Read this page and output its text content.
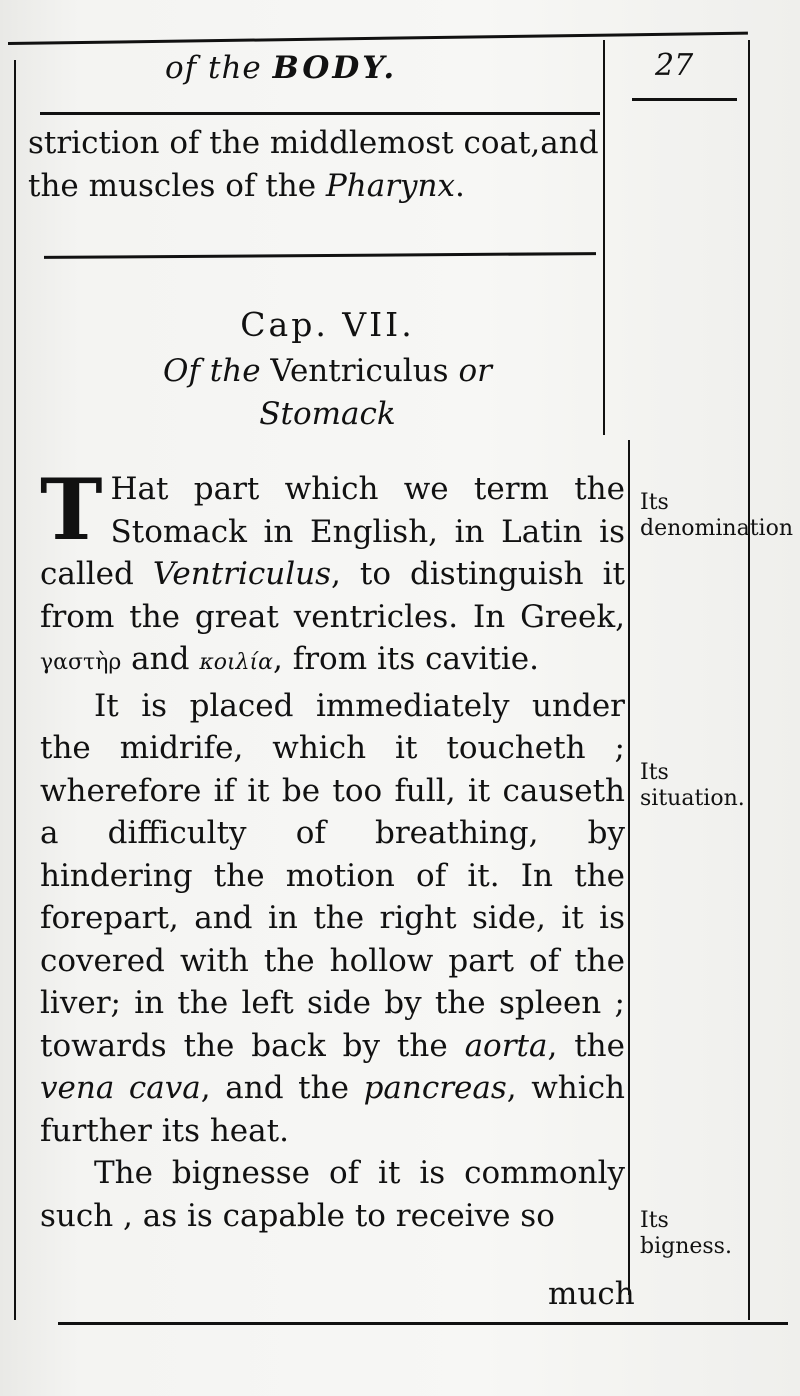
of the BODY.	27

striction of the middlemost coat,and

the muscles of the Pharynx.

Cap. VII.
Of the Ventriculus or
Stomack

T Hat part which we term the Stomack in English, in Latin is called Ventriculus, to distinguish it from the great ventricles. In Greek, γαστὴρ and κοιλία, from its cavitie.

It is placed immediately under the midrife, which it toucheth ; wherefore if it be too full, it causeth a difficulty of breathing, by hindering the motion of it. In the forepart, and in the right side, it is covered with the hollow part of the liver; in the left side by the spleen ; towards the back by the aorta, the vena cava, and the pancreas, which further its heat.

The bignesse of it is commonly such , as is capable to receive so

much
Its denomination
Its situation.
Its bigness.
